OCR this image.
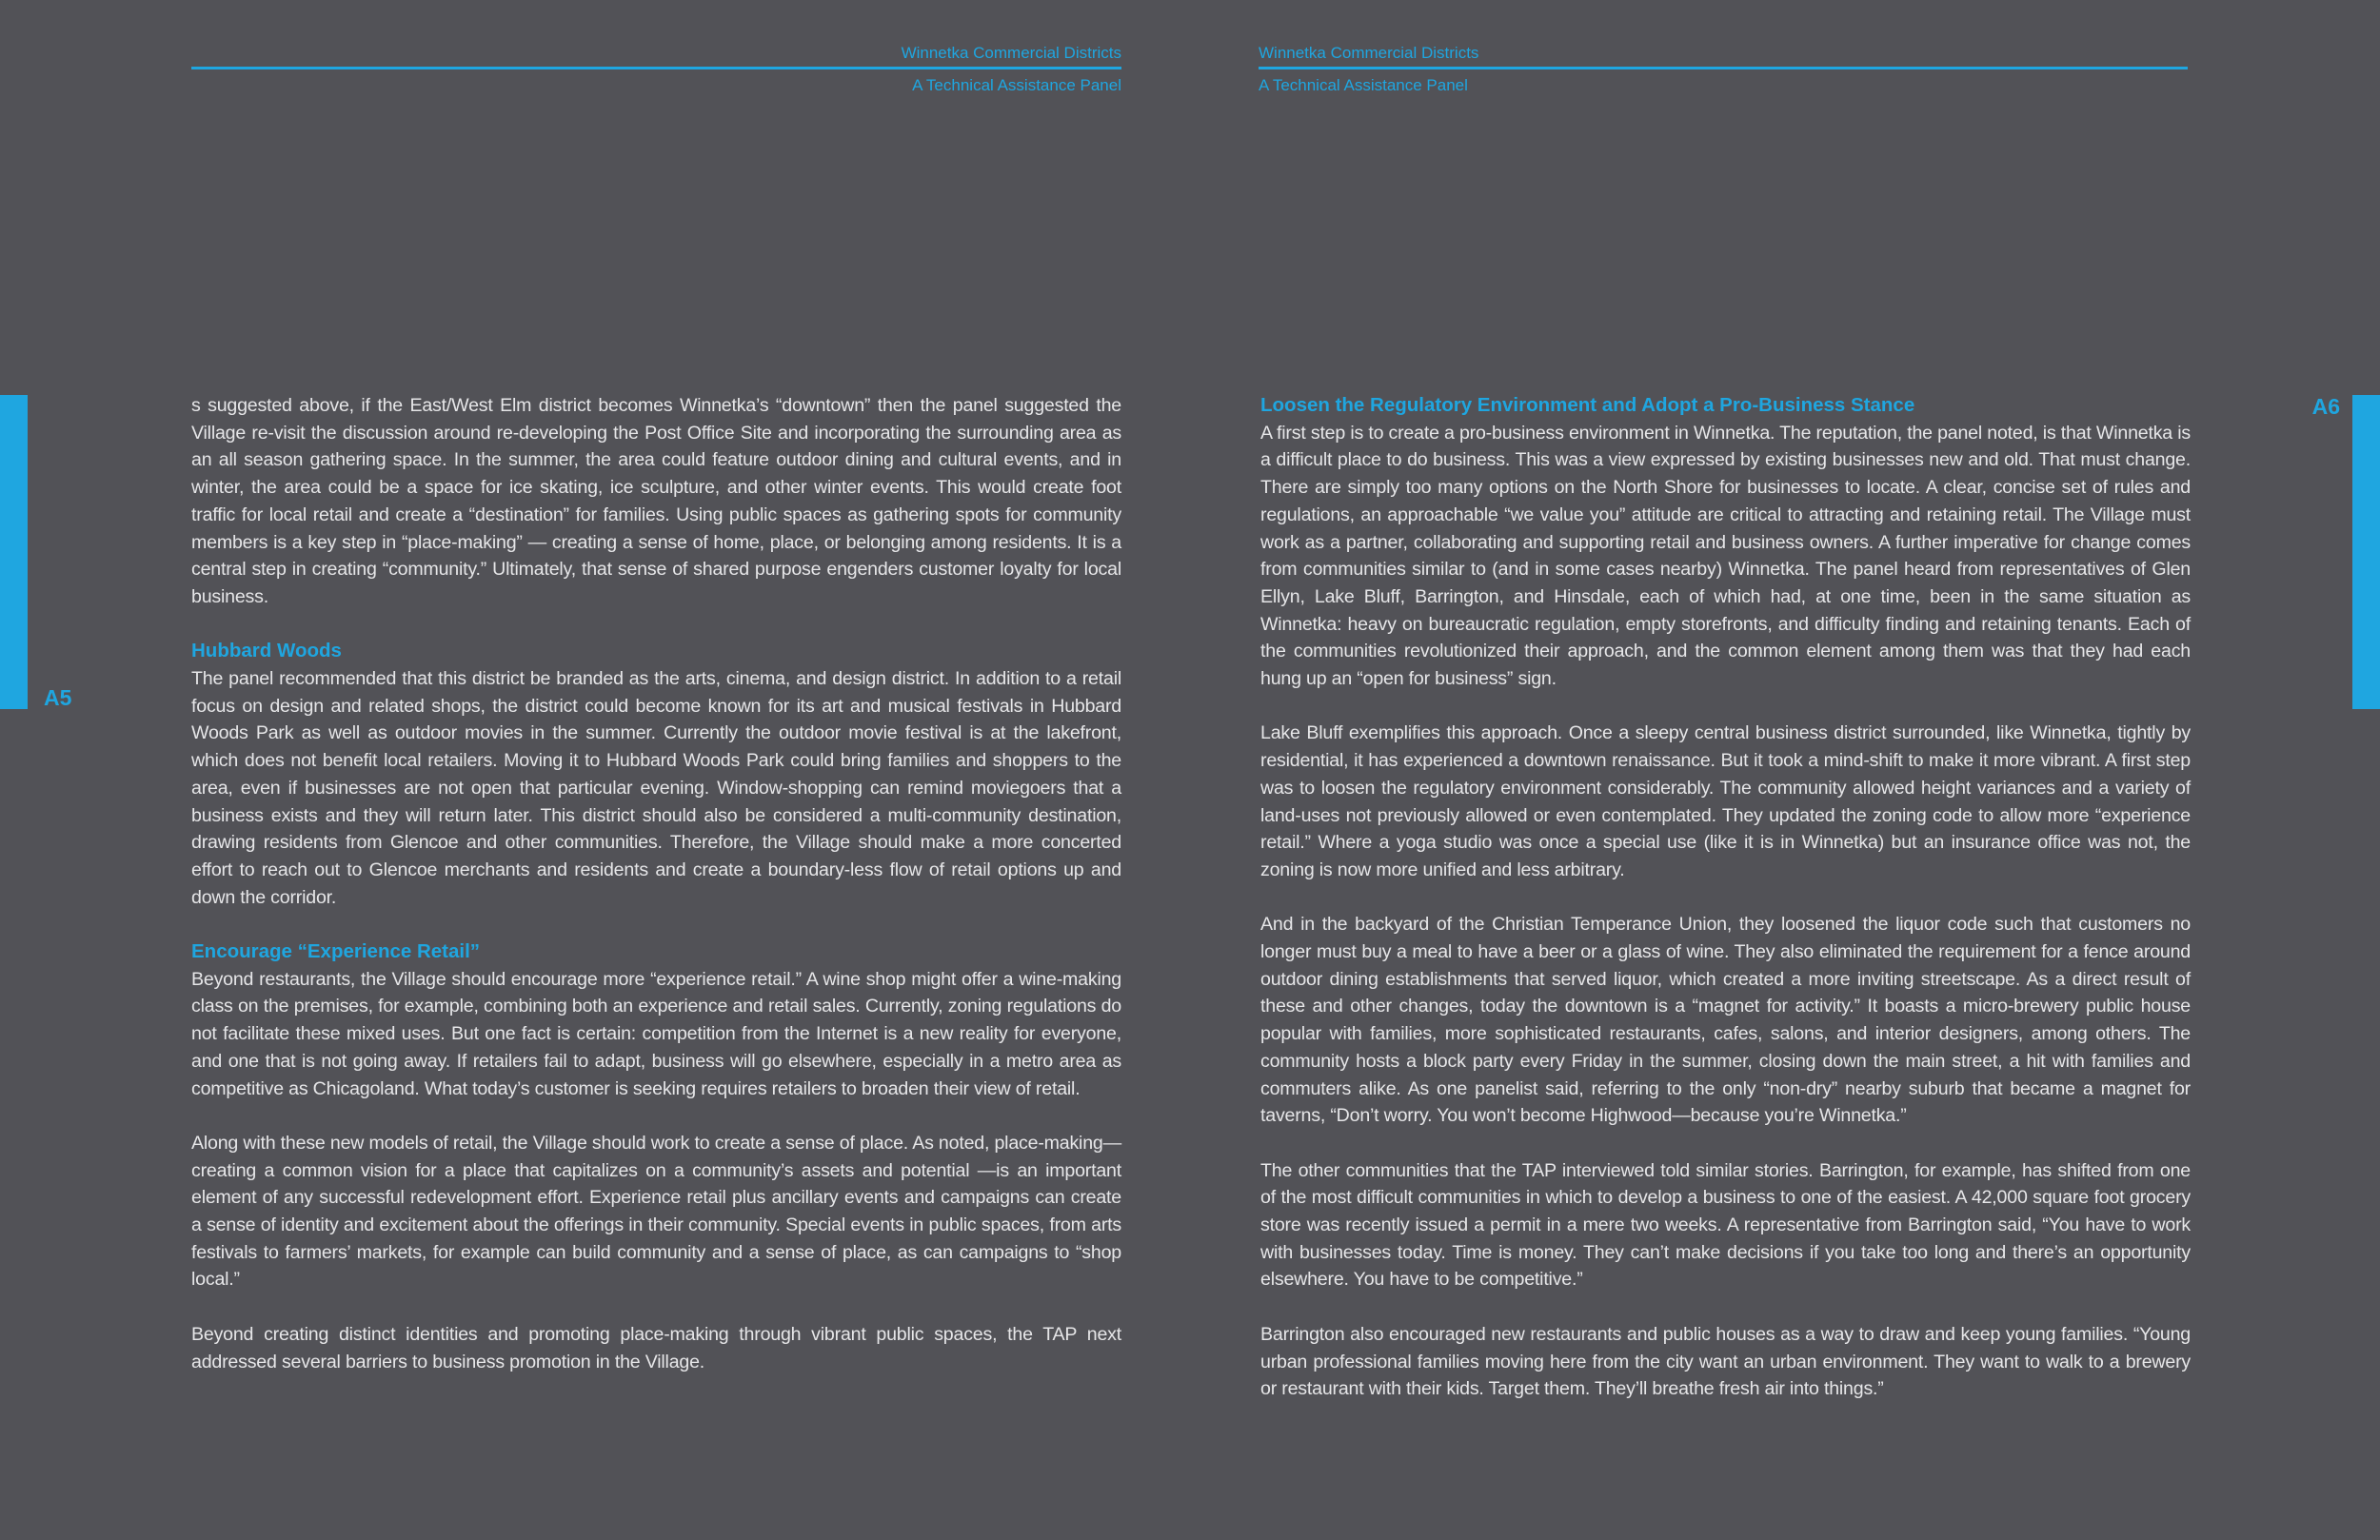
Winnetka Commercial Districts
A Technical Assistance Panel
A5

s suggested above, if the East/West Elm district becomes Winnetka’s “downtown” then the panel suggested the Village re-visit the discussion around re-developing the Post Office Site and incorporating the surrounding area as an all season gathering space. In the summer, the area could feature outdoor dining and cultural events, and in winter, the area could be a space for ice skating, ice sculpture, and other winter events. This would create foot traffic for local retail and create a “destination” for families. Using public spaces as gathering spots for community members is a key step in “place-making” — creating a sense of home, place, or belonging among residents. It is a central step in creating “community.” Ultimately, that sense of shared purpose engenders customer loyalty for local business.

Hubbard Woods

The panel recommended that this district be branded as the arts, cinema, and design district. In addition to a retail focus on design and related shops, the district could become known for its art and musical festivals in Hubbard Woods Park as well as outdoor movies in the summer. Currently the outdoor movie festival is at the lakefront, which does not benefit local retailers. Moving it to Hubbard Woods Park could bring families and shoppers to the area, even if businesses are not open that particular evening. Window-shopping can remind moviegoers that a business exists and they will return later. This district should also be considered a multi-community destination, drawing residents from Glencoe and other communities. Therefore, the Village should make a more concerted effort to reach out to Glencoe merchants and residents and create a boundary-less flow of retail options up and down the corridor.

Encourage “Experience Retail”

Beyond restaurants, the Village should encourage more “experience retail.” A wine shop might offer a wine-making class on the premises, for example, combining both an experience and retail sales. Currently, zoning regulations do not facilitate these mixed uses. But one fact is certain: competition from the Internet is a new reality for everyone, and one that is not going away. If retailers fail to adapt, business will go elsewhere, especially in a metro area as competitive as Chicagoland. What today’s customer is seeking requires retailers to broaden their view of retail.

Along with these new models of retail, the Village should work to create a sense of place. As noted, place-making—creating a common vision for a place that capitalizes on a community’s assets and potential —is an important element of any successful redevelopment effort. Experience retail plus ancillary events and campaigns can create a sense of identity and excitement about the offerings in their community. Special events in public spaces, from arts festivals to farmers’ markets, for example can build community and a sense of place, as can campaigns to “shop local.”

Beyond creating distinct identities and promoting place-making through vibrant public spaces, the TAP next addressed several barriers to business promotion in the Village.

Winnetka Commercial Districts
A Technical Assistance Panel
A6
Loosen the Regulatory Environment and Adopt a Pro-Business Stance

A first step is to create a pro-business environment in Winnetka. The reputation, the panel noted, is that Winnetka is a difficult place to do business. This was a view expressed by existing businesses new and old. That must change. There are simply too many options on the North Shore for businesses to locate. A clear, concise set of rules and regulations, an approachable “we value you” attitude are critical to attracting and retaining retail. The Village must work as a partner, collaborating and supporting retail and business owners. A further imperative for change comes from communities similar to (and in some cases nearby) Winnetka. The panel heard from representatives of Glen Ellyn, Lake Bluff, Barrington, and Hinsdale, each of which had, at one time, been in the same situation as Winnetka: heavy on bureaucratic regulation, empty storefronts, and difficulty finding and retaining tenants. Each of the communities revolutionized their approach, and the common element among them was that they had each hung up an “open for business” sign.

Lake Bluff exemplifies this approach. Once a sleepy central business district surrounded, like Winnetka, tightly by residential, it has experienced a downtown renaissance. But it took a mind-shift to make it more vibrant. A first step was to loosen the regulatory environment considerably. The community allowed height variances and a variety of land-uses not previously allowed or even contemplated. They updated the zoning code to allow more “experience retail.” Where a yoga studio was once a special use (like it is in Winnetka) but an insurance office was not, the zoning is now more unified and less arbitrary.

And in the backyard of the Christian Temperance Union, they loosened the liquor code such that customers no longer must buy a meal to have a beer or a glass of wine. They also eliminated the requirement for a fence around outdoor dining establishments that served liquor, which created a more inviting streetscape. As a direct result of these and other changes, today the downtown is a “magnet for activity.” It boasts a micro-brewery public house popular with families, more sophisticated restaurants, cafes, salons, and interior designers, among others. The community hosts a block party every Friday in the summer, closing down the main street, a hit with families and commuters alike. As one panelist said, referring to the only “non-dry” nearby suburb that became a magnet for taverns, “Don’t worry. You won’t become Highwood—because you’re Winnetka.”

The other communities that the TAP interviewed told similar stories. Barrington, for example, has shifted from one of the most difficult communities in which to develop a business to one of the easiest. A 42,000 square foot grocery store was recently issued a permit in a mere two weeks. A representative from Barrington said, “You have to work with businesses today. Time is money. They can’t make decisions if you take too long and there’s an opportunity elsewhere. You have to be competitive.”

Barrington also encouraged new restaurants and public houses as a way to draw and keep young families. “Young urban professional families moving here from the city want an urban environment. They want to walk to a brewery or restaurant with their kids. Target them. They’ll breathe fresh air into things.”
